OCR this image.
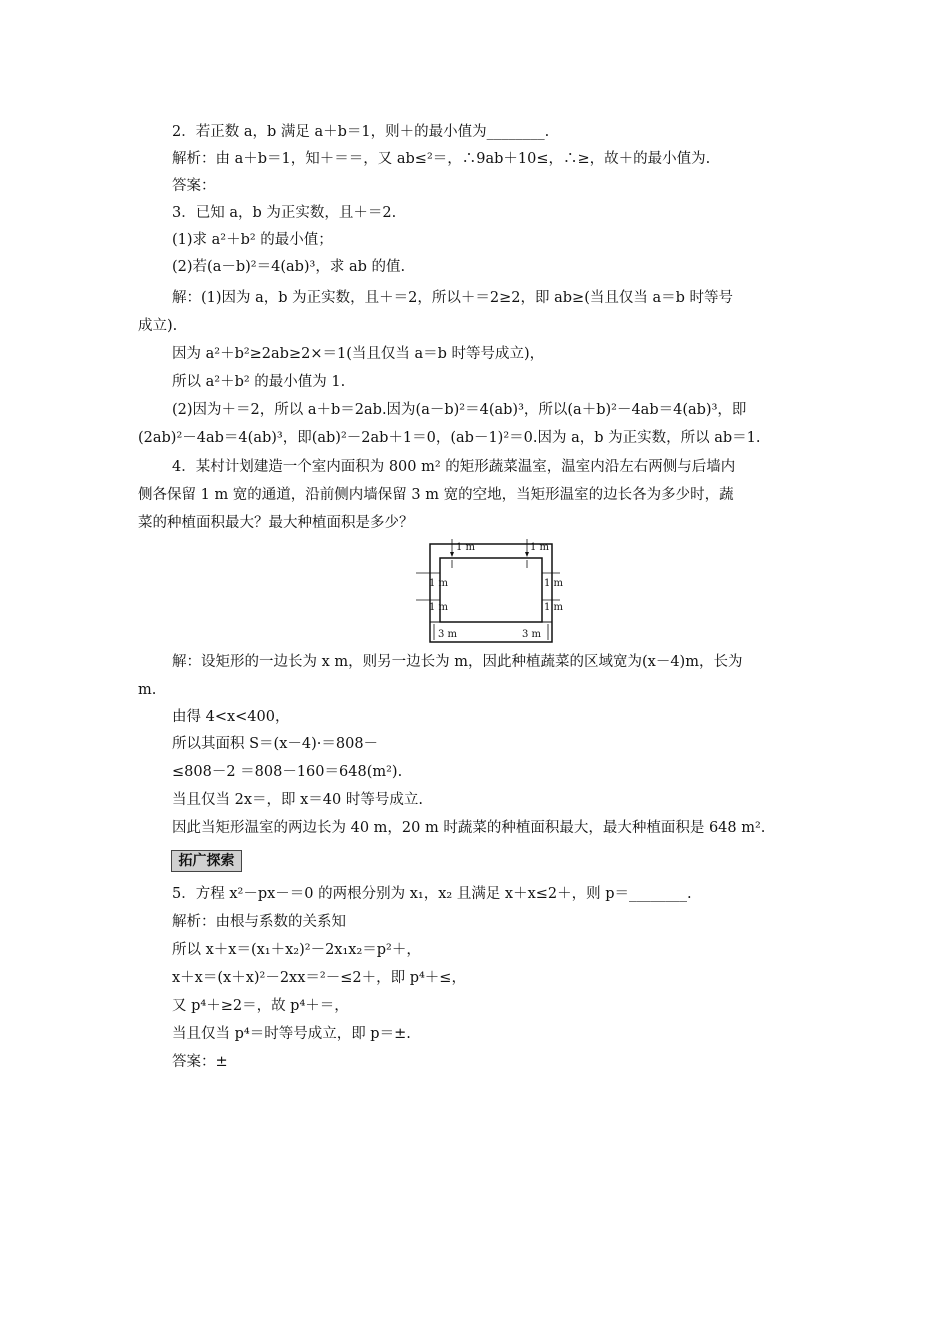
2．若正数 a，b 满足 a＋b＝1，则＋的最小值为________.
解析：由 a＋b＝1，知＋＝＝，又 ab≤²＝，∴9ab＋10≤，∴≥，故＋的最小值为.
答案：
3．已知 a，b 为正实数，且＋＝2.
(1)求 a²＋b² 的最小值；
(2)若(a－b)²＝4(ab)³，求 ab 的值.
解：(1)因为 a，b 为正实数，且＋＝2，所以＋＝2≥2，即 ab≥(当且仅当 a＝b 时等号
成立).
因为 a²＋b²≥2ab≥2×＝1(当且仅当 a＝b 时等号成立)，
所以 a²＋b² 的最小值为 1.
(2)因为＋＝2，所以 a＋b＝2ab.因为(a－b)²＝4(ab)³，所以(a＋b)²－4ab＝4(ab)³，即
(2ab)²－4ab＝4(ab)³，即(ab)²－2ab＋1＝0，(ab－1)²＝0.因为 a，b 为正实数，所以 ab＝1.
4．某村计划建造一个室内面积为 800 m² 的矩形蔬菜温室，温室内沿左右两侧与后墙内
侧各保留 1 m 宽的通道，沿前侧内墙保留 3 m 宽的空地，当矩形温室的边长各为多少时，蔬
菜的种植面积最大？最大种植面积是多少？
1 m	1 m
1 m
1 m
1 m
1 m
3 m	3 m
解：设矩形的一边长为 x m，则另一边长为 m，因此种植蔬菜的区域宽为(x－4)m，长为
m.
由得 4<x<400，
所以其面积 S＝(x－4)·＝808－
≤808－2 ＝808－160＝648(m²).
当且仅当 2x＝，即 x＝40 时等号成立.
因此当矩形温室的两边长为 40 m，20 m 时蔬菜的种植面积最大，最大种植面积是 648 m².
拓广探索
5．方程 x²－px－＝0 的两根分别为 x₁，x₂ 且满足 x＋x≤2＋，则 p＝________.
解析：由根与系数的关系知
所以 x＋x＝(x₁＋x₂)²－2x₁x₂＝p²＋，
x＋x＝(x＋x)²－2xx＝²－≤2＋，即 p⁴＋≤，
又 p⁴＋≥2＝，故 p⁴＋＝，
当且仅当 p⁴＝时等号成立，即 p＝±.
答案：±
